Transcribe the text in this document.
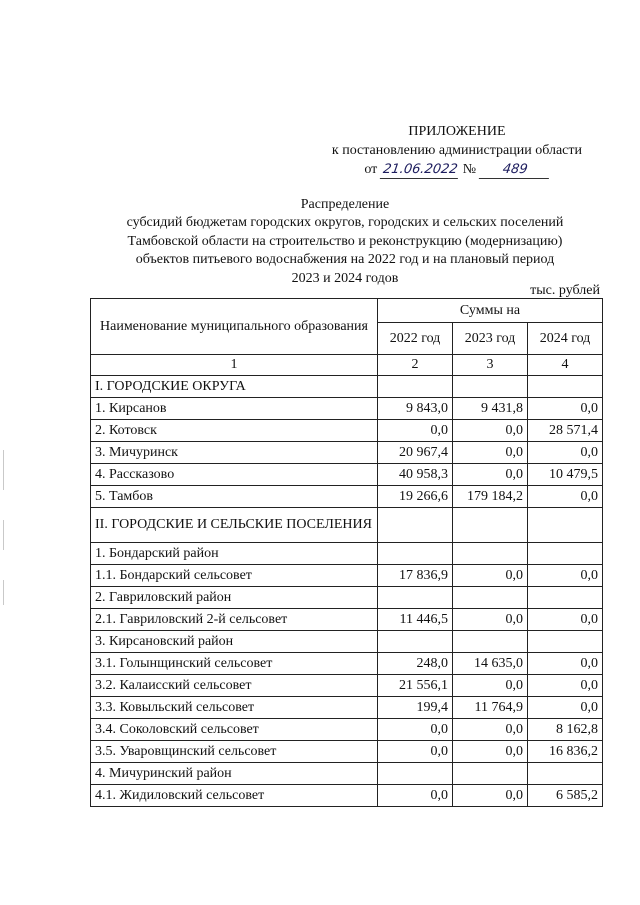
ПРИЛОЖЕНИЕ
к постановлению администрации области
от 21.06.2022 № 489
Распределение
субсидий бюджетам городских округов, городских и сельских поселений
Тамбовской области на строительство и реконструкцию (модернизацию)
объектов питьевого водоснабжения на 2022 год и на плановый период
2023 и 2024 годов
тыс. рублей
Наименование муниципального образования	Суммы на		
	2022 год	2023 год	2024 год
1	2	3	4
I. ГОРОДСКИЕ ОКРУГА			
1. Кирсанов	9 843,0	9 431,8	0,0
2. Котовск	0,0	0,0	28 571,4
3. Мичуринск	20 967,4	0,0	0,0
4. Рассказово	40 958,3	0,0	10 479,5
5. Тамбов	19 266,6	179 184,2	0,0
II. ГОРОДСКИЕ И СЕЛЬСКИЕ ПОСЕЛЕНИЯ			
1. Бондарский район			
1.1. Бондарский сельсовет	17 836,9	0,0	0,0
2. Гавриловский район			
2.1. Гавриловский 2-й сельсовет	11 446,5	0,0	0,0
3. Кирсановский район			
3.1. Голынщинский сельсовет	248,0	14 635,0	0,0
3.2. Калаисский сельсовет	21 556,1	0,0	0,0
3.3. Ковыльский сельсовет	199,4	11 764,9	0,0
3.4. Соколовский сельсовет	0,0	0,0	8 162,8
3.5. Уваровщинский сельсовет	0,0	0,0	16 836,2
4. Мичуринский район			
4.1. Жидиловский сельсовет	0,0	0,0	6 585,2
